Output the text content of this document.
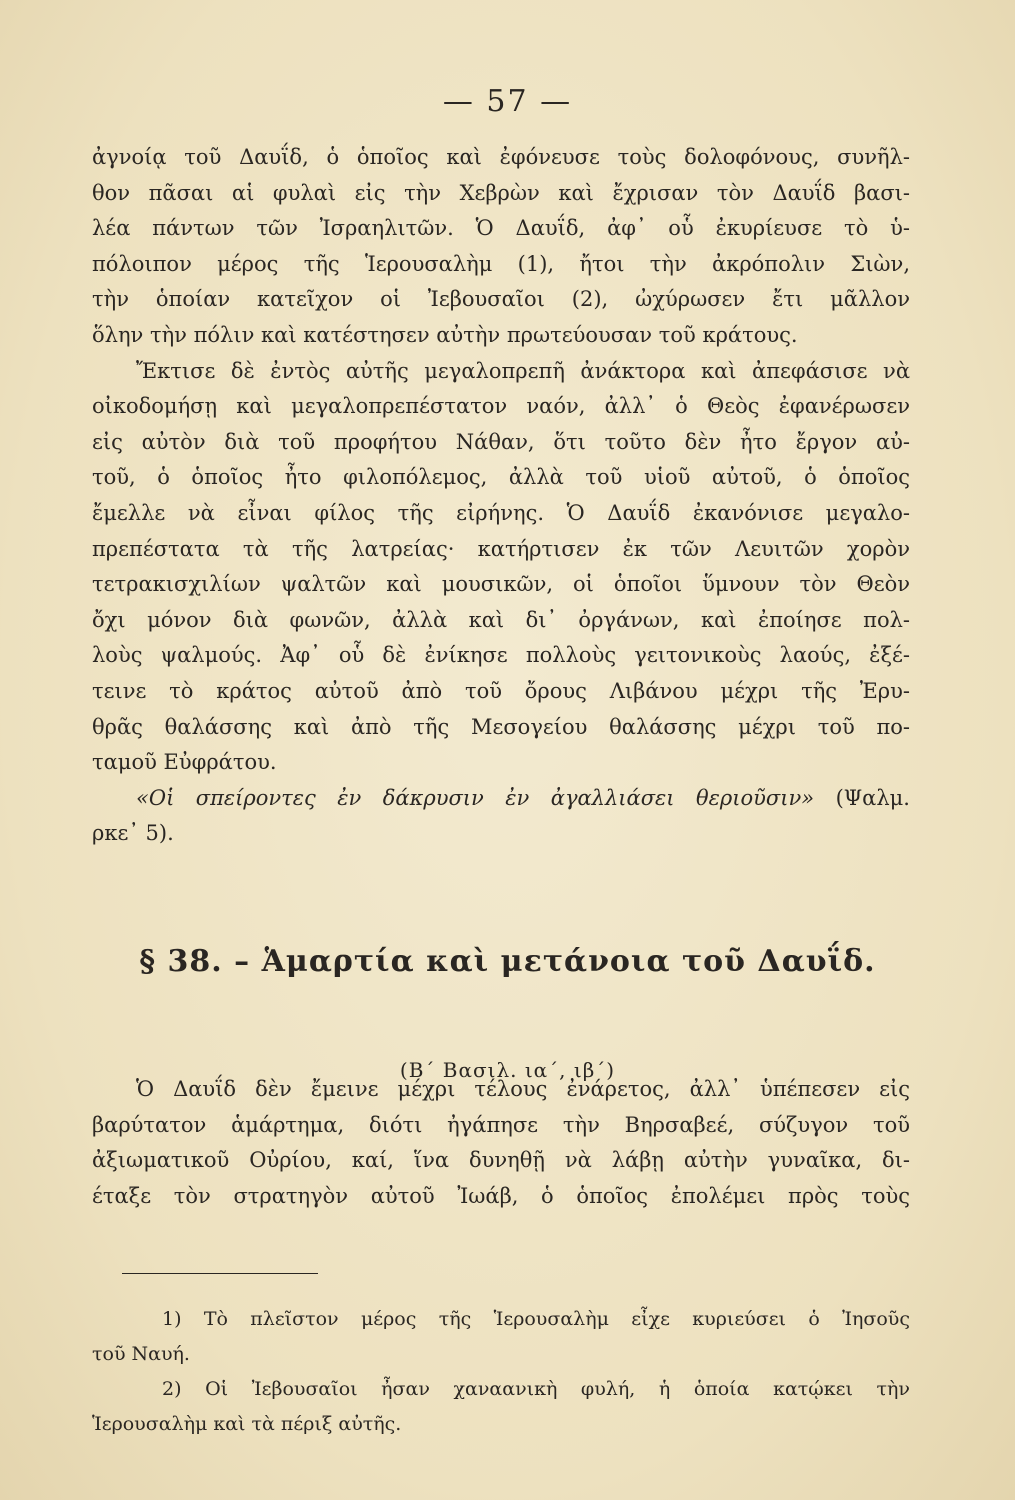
— 57 —
ἀγνοίᾳ τοῦ Δαυΐδ, ὁ ὁποῖος καὶ ἐφόνευσε τοὺς δολοφόνους, συνῆλ-
θον πᾶσαι αἱ φυλαὶ εἰς τὴν Χεβρὼν καὶ ἔχρισαν τὸν Δαυΐδ βασι-
λέα πάντων τῶν Ἰσραηλιτῶν. Ὁ Δαυΐδ, ἀφ᾽ οὗ ἐκυρίευσε τὸ ὑ-
πόλοιπον μέρος τῆς Ἱερουσαλὴμ (1), ἤτοι τὴν ἀκρόπολιν Σιὼν,
τὴν ὁποίαν κατεῖχον οἱ Ἰεβουσαῖοι (2), ὠχύρωσεν ἔτι μᾶλλον
ὅλην τὴν πόλιν καὶ κατέστησεν αὐτὴν πρωτεύουσαν τοῦ κράτους.
Ἔκτισε δὲ ἐντὸς αὐτῆς μεγαλοπρεπῆ ἀνάκτορα καὶ ἀπεφάσισε νὰ
οἰκοδομήσῃ καὶ μεγαλοπρεπέστατον ναόν, ἀλλ᾽ ὁ Θεὸς ἐφανέρωσεν
εἰς αὐτὸν διὰ τοῦ προφήτου Νάθαν, ὅτι τοῦτο δὲν ἦτο ἔργον αὐ-
τοῦ, ὁ ὁποῖος ἦτο φιλοπόλεμος, ἀλλὰ τοῦ υἱοῦ αὐτοῦ, ὁ ὁποῖος
ἔμελλε νὰ εἶναι φίλος τῆς εἰρήνης. Ὁ Δαυΐδ ἐκανόνισε μεγαλο-
πρεπέστατα τὰ τῆς λατρείας· κατήρτισεν ἐκ τῶν Λευιτῶν χορὸν
τετρακισχιλίων ψαλτῶν καὶ μουσικῶν, οἱ ὁποῖοι ὕμνουν τὸν Θεὸν
ὄχι μόνον διὰ φωνῶν, ἀλλὰ καὶ δι᾽ ὀργάνων, καὶ ἐποίησε πολ-
λοὺς ψαλμούς. Ἀφ᾽ οὗ δὲ ἐνίκησε πολλοὺς γειτονικοὺς λαούς, ἐξέ-
τεινε τὸ κράτος αὐτοῦ ἀπὸ τοῦ ὄρους Λιβάνου μέχρι τῆς Ἐρυ-
θρᾶς θαλάσσης καὶ ἀπὸ τῆς Μεσογείου θαλάσσης μέχρι τοῦ πο-
ταμοῦ Εὐφράτου.
«Οἱ σπείροντες ἐν δάκρυσιν ἐν ἀγαλλιάσει θεριοῦσιν» (Ψαλμ.
ρκε᾽ 5).
§ 38. – Ἁμαρτία καὶ μετάνοια τοῦ Δαυΐδ.
(Β΄ Βασιλ. ια΄, ιβ΄)
Ὁ Δαυΐδ δὲν ἔμεινε μέχρι τέλους ἐνάρετος, ἀλλ᾽ ὑπέπεσεν εἰς
βαρύτατον ἁμάρτημα, διότι ἠγάπησε τὴν Βηρσαβεέ, σύζυγον τοῦ
ἀξιωματικοῦ Οὐρίου, καί, ἵνα δυνηθῇ νὰ λάβῃ αὐτὴν γυναῖκα, δι-
έταξε τὸν στρατηγὸν αὐτοῦ Ἰωάβ, ὁ ὁποῖος ἐπολέμει πρὸς τοὺς
1) Τὸ πλεῖστον μέρος τῆς Ἱερουσαλὴμ εἶχε κυριεύσει ὁ Ἰησοῦς
τοῦ Ναυή.
2) Οἱ Ἰεβουσαῖοι ἦσαν χαναανικὴ φυλή, ἡ ὁποία κατῴκει τὴν
Ἱερουσαλὴμ καὶ τὰ πέριξ αὐτῆς.
